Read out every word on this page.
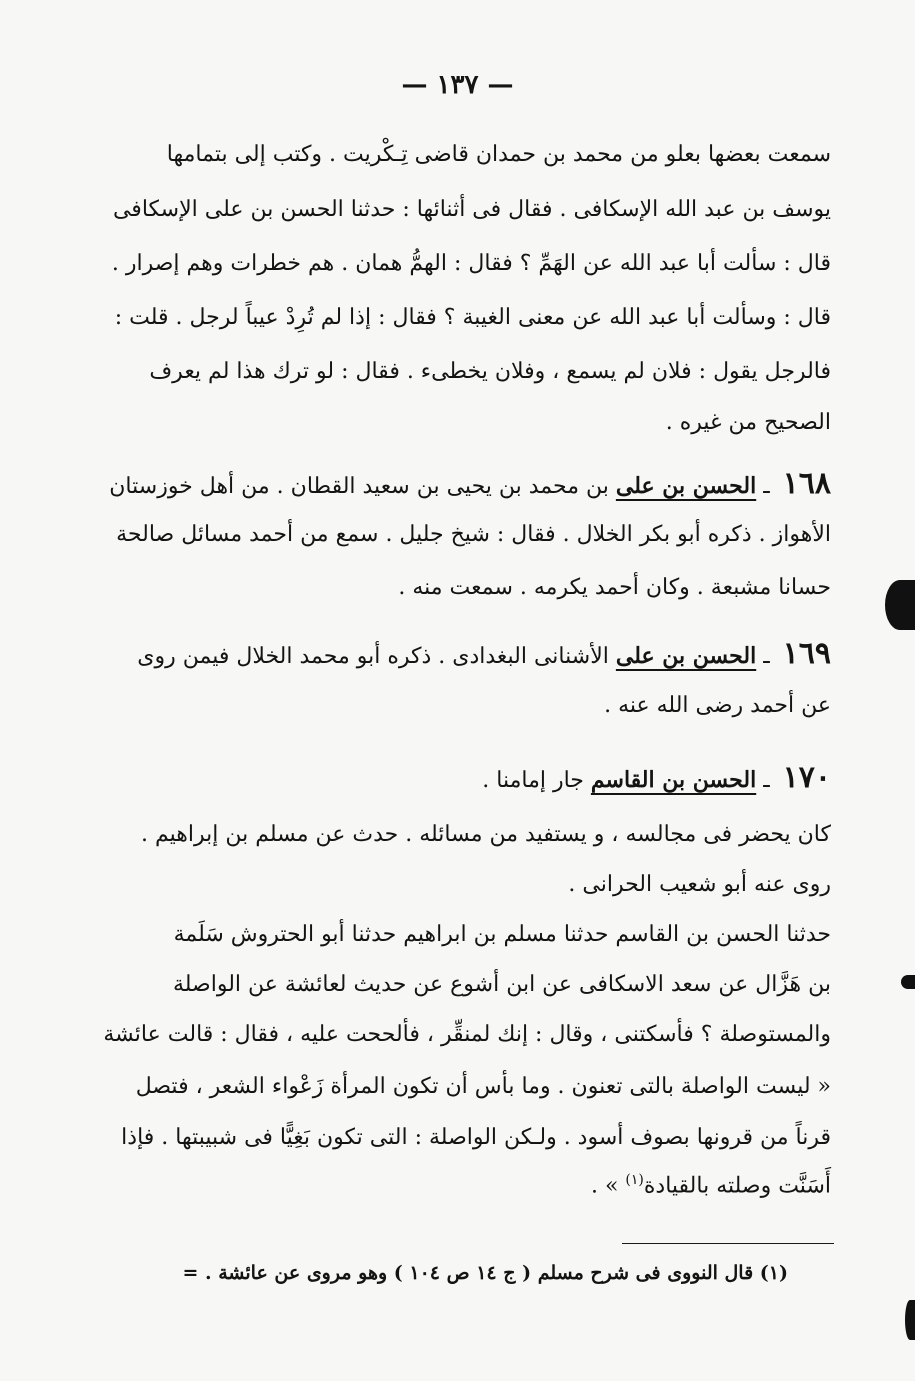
— ١٣٧ —
سمعت بعضها بعلو من محمد بن حمدان قاضى تِـكْريت . وكتب إلى بتمامها
يوسف بن عبد الله الإسكافى . فقال فى أثنائها : حدثنا الحسن بن على الإسكافى
قال : سألت أبا عبد الله عن الهَمِّ ؟ فقال : الهمُّ همان . هم خطرات وهم إصرار .
قال : وسألت أبا عبد الله عن معنى الغيبة ؟ فقال : إذا لم تُرِدْ عيباً لرجل . قلت :
فالرجل يقول : فلان لم يسمع ، وفلان يخطىء . فقال : لو ترك هذا لم يعرف
الصحيح من غيره .
١٦٨ ـ الحسن بن على بن محمد بن يحيى بن سعيد القطان . من أهل خوزستان
الأهواز . ذكره أبو بكر الخلال . فقال : شيخ جليل . سمع من أحمد مسائل صالحة
حسانا مشبعة . وكان أحمد يكرمه . سمعت منه .
١٦٩ ـ الحسن بن على الأشنانى البغدادى . ذكره أبو محمد الخلال فيمن روى
عن أحمد رضى الله عنه .
١٧٠ ـ الحسن بن القاسم جار إمامنا .
كان يحضر فى مجالسه ، و يستفيد من مسائله . حدث عن مسلم بن إبراهيم .
روى عنه أبو شعيب الحرانى .
حدثنا الحسن بن القاسم حدثنا مسلم بن ابراهيم حدثنا أبو الحتروش سَلَمة
بن هَزَّال عن سعد الاسكافى عن ابن أشوع عن حديث لعائشة عن الواصلة
والمستوصلة ؟ فأسكتنى ، وقال : إنك لمنقِّر ، فألححت عليه ، فقال : قالت عائشة
« ليست الواصلة بالتى تعنون . وما بأس أن تكون المرأة زَعْواء الشعر ، فتصل
قرناً من قرونها بصوف أسود . ولـكن الواصلة : التى تكون بَغِيًّا فى شبيبتها . فإذا
أَسَنَّت وصلته بالقيادة$^{(١)}$ » .
(١) قال النووى فى شرح مسلم ( ج ١٤ ص ١٠٤ ) وهو مروى عن عائشة . =
